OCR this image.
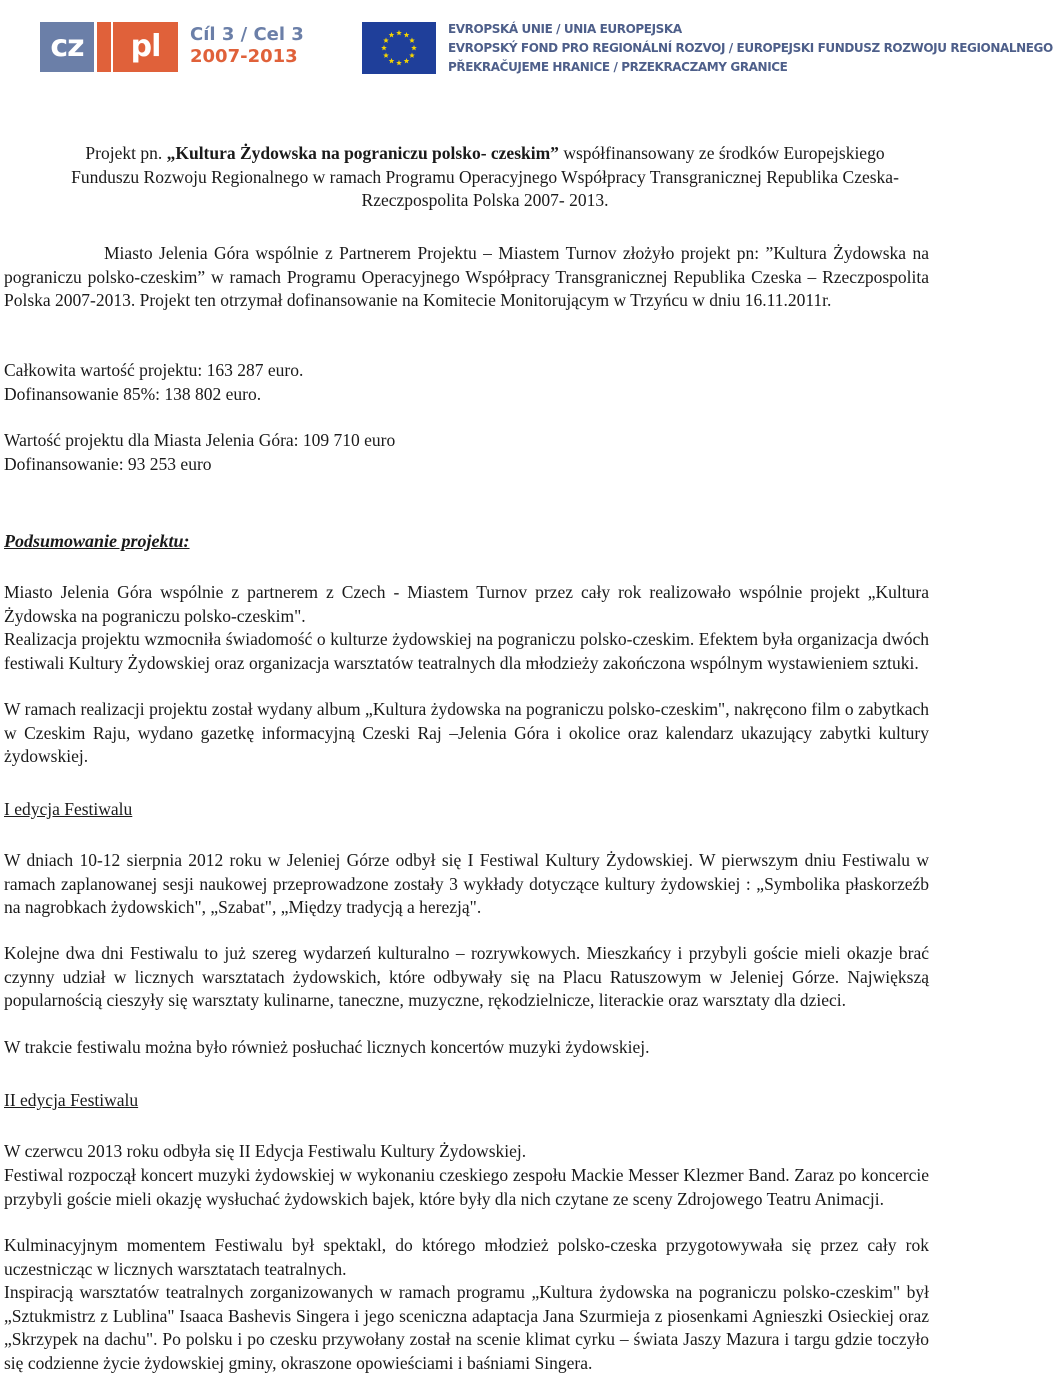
cz	pl	Cíl 3 / Cel 3
2007-2013
EVROPSKÁ UNIE / UNIA EUROPEJSKA
EVROPSKÝ FOND PRO REGIONÁLNÍ ROZVOJ / EUROPEJSKI FUNDUSZ ROZWOJU REGIONALNEGO
PŘEKRAČUJEME HRANICE / PRZEKRACZAMY GRANICE
Projekt pn. „Kultura Żydowska na pograniczu polsko- czeskim” współfinansowany ze środków Europejskiego Funduszu Rozwoju Regionalnego w ramach Programu Operacyjnego Współpracy Transgranicznej Republika Czeska- Rzeczpospolita Polska 2007- 2013.

Miasto Jelenia Góra wspólnie z Partnerem Projektu – Miastem Turnov złożyło projekt pn: ”Kultura Żydowska na pograniczu polsko-czeskim” w ramach Programu Operacyjnego Współpracy Transgranicznej Republika Czeska – Rzeczpospolita Polska 2007-2013. Projekt ten otrzymał dofinansowanie na Komitecie Monitorującym w Trzyńcu w dniu 16.11.2011r.

Całkowita wartość projektu: 163 287 euro.

Dofinansowanie 85%: 138 802 euro.

Wartość projektu dla Miasta Jelenia Góra: 109 710 euro

Dofinansowanie: 93 253 euro

Podsumowanie projektu:

Miasto Jelenia Góra wspólnie z partnerem z Czech - Miastem Turnov przez cały rok realizowało wspólnie projekt „Kultura Żydowska na pograniczu polsko-czeskim".

Realizacja projektu wzmocniła świadomość o kulturze żydowskiej na pograniczu polsko-czeskim. Efektem była organizacja dwóch festiwali Kultury Żydowskiej oraz organizacja warsztatów teatralnych dla młodzieży zakończona wspólnym wystawieniem sztuki.

W ramach realizacji projektu został wydany album „Kultura żydowska na pograniczu polsko-czeskim", nakręcono film o zabytkach w Czeskim Raju, wydano gazetkę informacyjną Czeski Raj –Jelenia Góra i okolice oraz kalendarz ukazujący zabytki kultury żydowskiej.

I edycja Festiwalu

W dniach 10-12 sierpnia 2012 roku w Jeleniej Górze odbył się I Festiwal Kultury Żydowskiej. W pierwszym dniu Festiwalu w ramach zaplanowanej sesji naukowej przeprowadzone zostały 3 wykłady dotyczące kultury żydowskiej : „Symbolika płaskorzeźb na nagrobkach żydowskich", „Szabat", „Między tradycją a herezją".

Kolejne dwa dni Festiwalu to już szereg wydarzeń kulturalno – rozrywkowych. Mieszkańcy i przybyli goście mieli okazje brać czynny udział w licznych warsztatach żydowskich, które odbywały się na Placu Ratuszowym w Jeleniej Górze. Największą popularnością cieszyły się warsztaty kulinarne, taneczne, muzyczne, rękodzielnicze, literackie oraz warsztaty dla dzieci.

W trakcie festiwalu można było również posłuchać licznych koncertów muzyki żydowskiej.

II edycja Festiwalu

W czerwcu 2013 roku odbyła się II Edycja Festiwalu Kultury Żydowskiej.

Festiwal rozpoczął koncert muzyki żydowskiej w wykonaniu czeskiego zespołu Mackie Messer Klezmer Band. Zaraz po koncercie przybyli goście mieli okazję wysłuchać żydowskich bajek, które były dla nich czytane ze sceny Zdrojowego Teatru Animacji.

Kulminacyjnym momentem Festiwalu był spektakl, do którego młodzież polsko-czeska przygotowywała się przez cały rok uczestnicząc w licznych warsztatach teatralnych.

Inspiracją warsztatów teatralnych zorganizowanych w ramach programu „Kultura żydowska na pograniczu polsko-czeskim" był „Sztukmistrz z Lublina" Isaaca Bashevis Singera i jego sceniczna adaptacja Jana Szurmieja z piosenkami Agnieszki Osieckiej oraz „Skrzypek na dachu". Po polsku i po czesku przywołany został na scenie klimat cyrku – świata Jaszy Mazura i targu gdzie toczyło się codzienne życie żydowskiej gminy, okraszone opowieściami i baśniami Singera.
